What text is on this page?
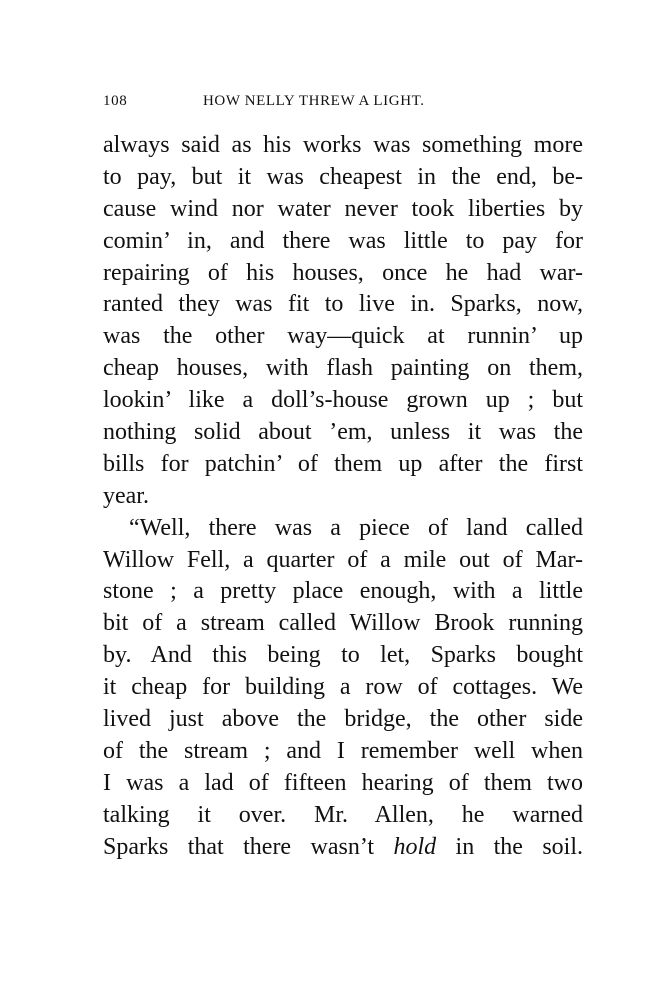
108	HOW NELLY THREW A LIGHT.
always said as his works was something more
to pay, but it was cheapest in the end, be-
cause wind nor water never took liberties by
comin’ in, and there was little to pay for
repairing of his houses, once he had war-
ranted they was fit to live in. Sparks, now,
was the other way—quick at runnin’ up
cheap houses, with flash painting on them,
lookin’ like a doll’s-house grown up ; but
nothing solid about ’em, unless it was the
bills for patchin’ of them up after the first
year.
“Well, there was a piece of land called
Willow Fell, a quarter of a mile out of Mar-
stone ; a pretty place enough, with a little
bit of a stream called Willow Brook running
by. And this being to let, Sparks bought
it cheap for building a row of cottages. We
lived just above the bridge, the other side
of the stream ; and I remember well when
I was a lad of fifteen hearing of them two
talking it over. Mr. Allen, he warned
Sparks that there wasn’t hold in the soil.
